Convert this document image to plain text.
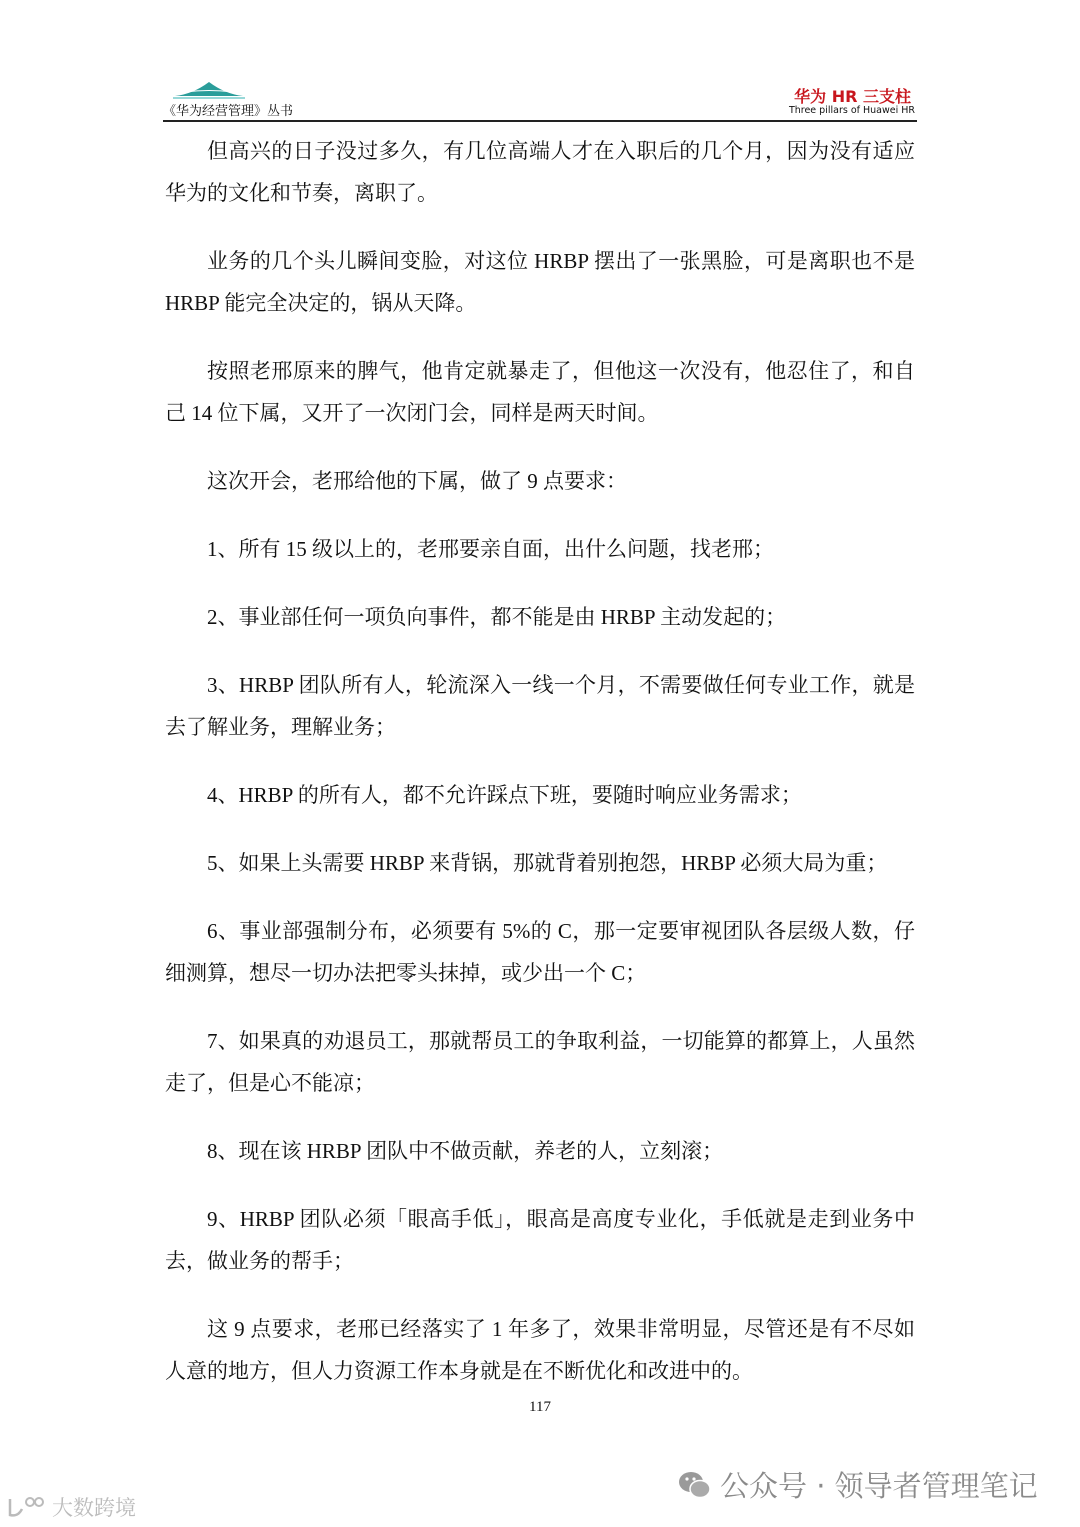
《华为经营管理》丛书
华为 HR 三支柱
Three pillars of Huawei HR

但高兴的日子没过多久，有几位高端人才在入职后的几个月，因为没有适应华为的文化和节奏，离职了。

业务的几个头儿瞬间变脸，对这位 HRBP 摆出了一张黑脸，可是离职也不是 HRBP 能完全决定的，锅从天降。

按照老邢原来的脾气，他肯定就暴走了，但他这一次没有，他忍住了，和自己 14 位下属，又开了一次闭门会，同样是两天时间。

这次开会，老邢给他的下属，做了 9 点要求：

1、所有 15 级以上的，老邢要亲自面，出什么问题，找老邢；

2、事业部任何一项负向事件，都不能是由 HRBP 主动发起的；

3、HRBP 团队所有人，轮流深入一线一个月，不需要做任何专业工作，就是去了解业务，理解业务；

4、HRBP 的所有人，都不允许踩点下班，要随时响应业务需求；

5、如果上头需要 HRBP 来背锅，那就背着别抱怨，HRBP 必须大局为重；

6、事业部强制分布，必须要有 5%的 C，那一定要审视团队各层级人数，仔细测算，想尽一切办法把零头抹掉，或少出一个 C；

7、如果真的劝退员工，那就帮员工的争取利益，一切能算的都算上，人虽然走了，但是心不能凉；

8、现在该 HRBP 团队中不做贡献，养老的人，立刻滚；

9、HRBP 团队必须「眼高手低」，眼高是高度专业化，手低就是走到业务中去，做业务的帮手；

这 9 点要求，老邢已经落实了 1 年多了，效果非常明显，尽管还是有不尽如人意的地方，但人力资源工作本身就是在不断优化和改进中的。

117
公众号 · 领导者管理笔记
大数跨境
